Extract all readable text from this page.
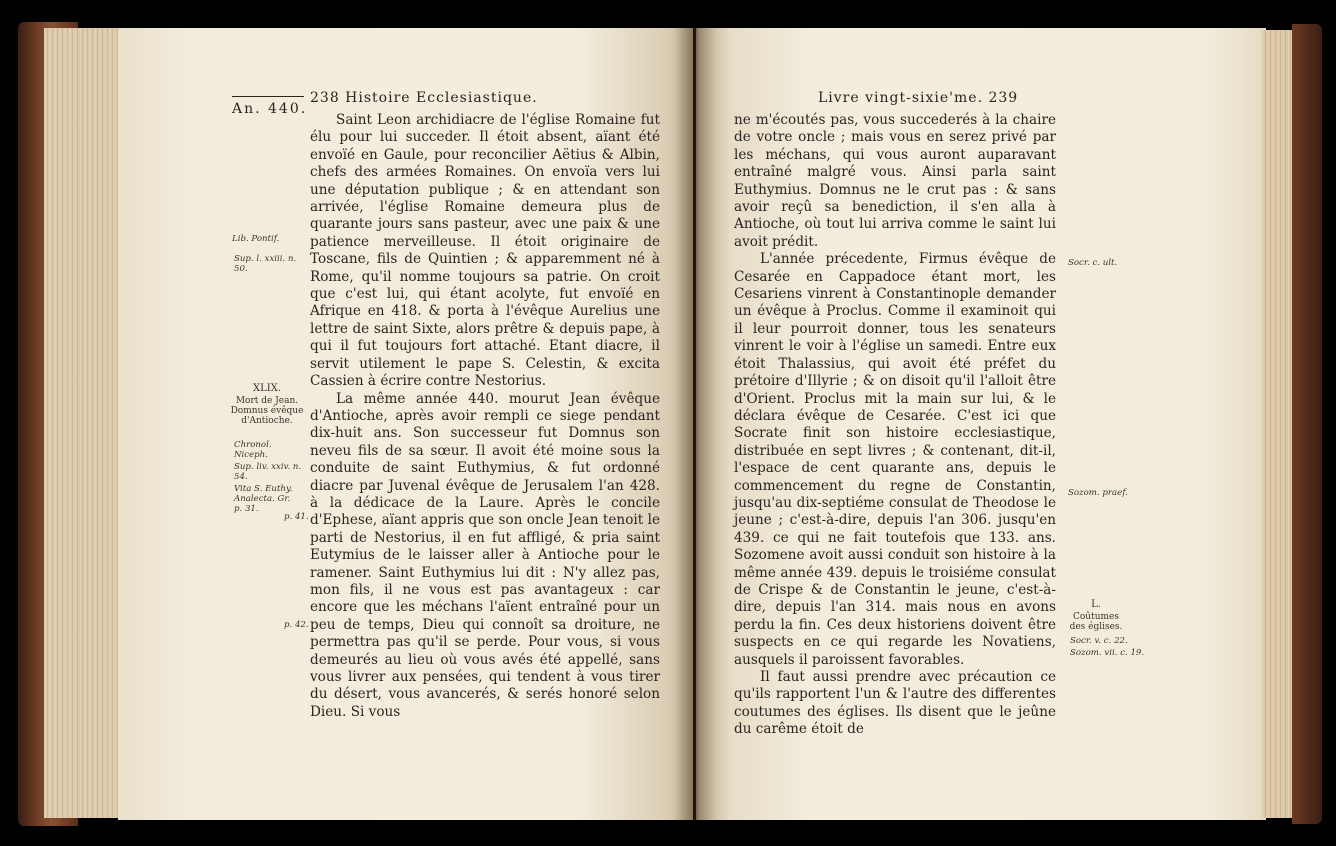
238 Histoire Ecclesiastique.
An. 440.

Saint Leon archidiacre de l'église Romaine fut élu pour lui succeder. Il étoit absent, aïant été envoïé en Gaule, pour reconcilier Aëtius & Albin, chefs des armées Romaines. On envoïa vers lui une députation publique ; & en attendant son arrivée, l'église Romaine demeura plus de quarante jours sans pasteur, avec une paix & une patience merveilleuse. Il étoit originaire de Toscane, fils de Quintien ; & apparemment né à Rome, qu'il nomme toujours sa patrie. On croit que c'est lui, qui étant acolyte, fut envoïé en Afrique en 418. & porta à l'évêque Aurelius une lettre de saint Sixte, alors prêtre & depuis pape, à qui il fut toujours fort attaché. Etant diacre, il servit utilement le pape S. Celestin, & excita Cassien à écrire contre Nestorius.

La même année 440. mourut Jean évêque d'Antioche, après avoir rempli ce siege pendant dix-huit ans. Son successeur fut Domnus son neveu fils de sa sœur. Il avoit été moine sous la conduite de saint Euthymius, & fut ordonné diacre par Juvenal évêque de Jerusalem l'an 428. à la dédicace de la Laure. Après le concile d'Ephese, aïant appris que son oncle Jean tenoit le parti de Nestorius, il en fut affligé, & pria saint Eutymius de le laisser aller à Antioche pour le ramener. Saint Euthymius lui dit : N'y allez pas, mon fils, il ne vous est pas avantageux : car encore que les méchans l'aïent entraîné pour un peu de temps, Dieu qui connoît sa droiture, ne permettra pas qu'il se perde. Pour vous, si vous demeurés au lieu où vous avés été appellé, sans vous livrer aux pensées, qui tendent à vous tirer du désert, vous avancerés, & serés honoré selon Dieu. Si vous

Lib. Pontif.
Sup. l. xxiii. n. 50.
XLIX.
Mort de Jean. Domnus évêque d'Antioche.
Chronol. Niceph.
Sup. liv. xxiv. n. 54.
Vita S. Euthy. Analecta. Gr. p. 31.
p. 41.
p. 42.
Livre vingt-sixie'me. 239

ne m'écoutés pas, vous succederés à la chaire de votre oncle ; mais vous en serez privé par les méchans, qui vous auront auparavant entraîné malgré vous. Ainsi parla saint Euthymius. Domnus ne le crut pas : & sans avoir reçû sa benediction, il s'en alla à Antioche, où tout lui arriva comme le saint lui avoit prédit.

L'année précedente, Firmus évêque de Cesarée en Cappadoce étant mort, les Cesariens vinrent à Constantinople demander un évêque à Proclus. Comme il examinoit qui il leur pourroit donner, tous les senateurs vinrent le voir à l'église un samedi. Entre eux étoit Thalassius, qui avoit été préfet du prétoire d'Illyrie ; & on disoit qu'il l'alloit être d'Orient. Proclus mit la main sur lui, & le déclara évêque de Cesarée. C'est ici que Socrate finit son histoire ecclesiastique, distribuée en sept livres ; & contenant, dit-il, l'espace de cent quarante ans, depuis le commencement du regne de Constantin, jusqu'au dix-septiéme consulat de Theodose le jeune ; c'est-à-dire, depuis l'an 306. jusqu'en 439. ce qui ne fait toutefois que 133. ans. Sozomene avoit aussi conduit son histoire à la même année 439. depuis le troisiéme consulat de Crispe & de Constantin le jeune, c'est-à-dire, depuis l'an 314. mais nous en avons perdu la fin. Ces deux historiens doivent être suspects en ce qui regarde les Novatiens, ausquels il paroissent favorables.

Il faut aussi prendre avec précaution ce qu'ils rapportent l'un & l'autre des differentes coutumes des églises. Ils disent que le jeûne du carême étoit de

Socr. c. ult.
Sozom. praef.
L.
Coûtumes des églises.
Socr. v. c. 22.
Sozom. vii. c. 19.
